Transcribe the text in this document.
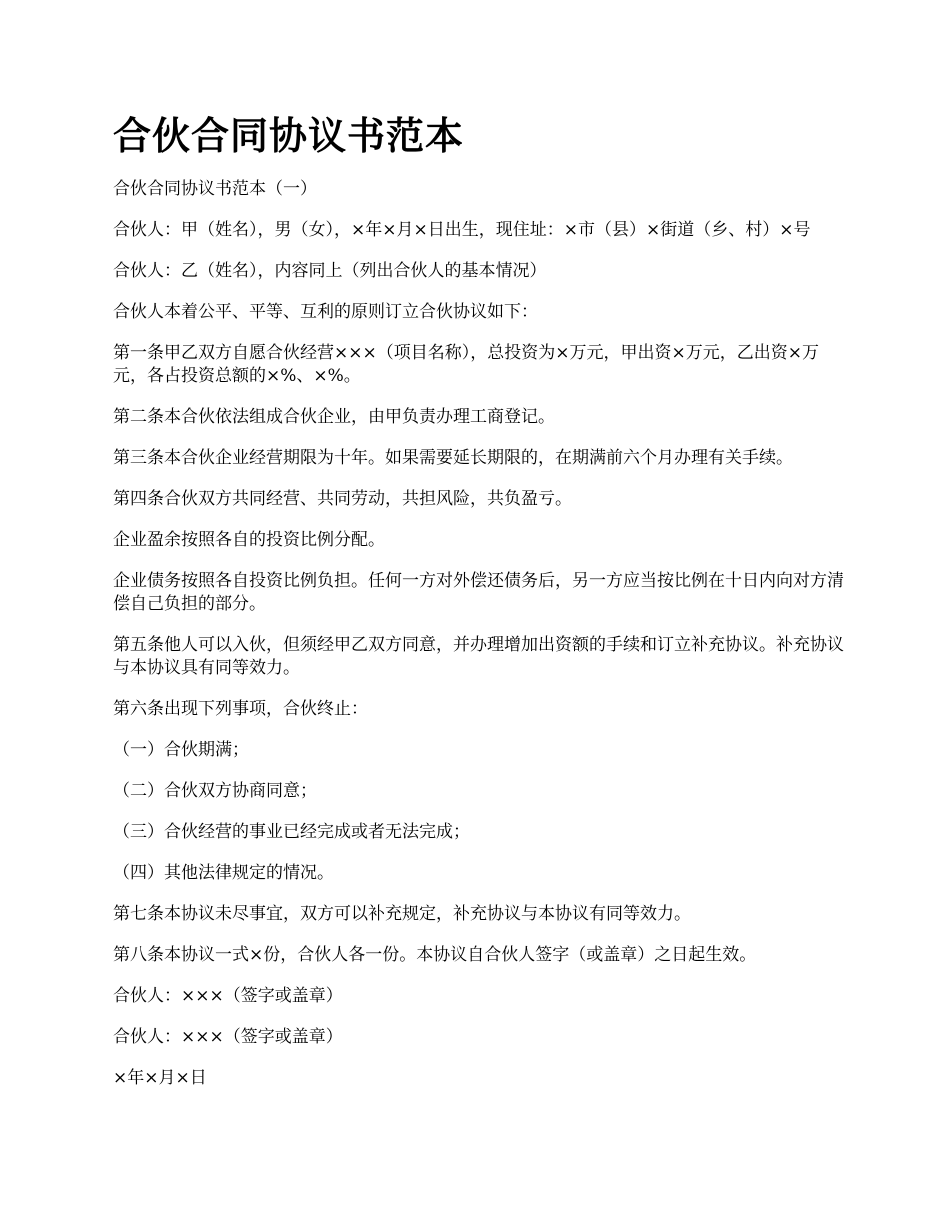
合伙合同协议书范本

合伙合同协议书范本（一）

合伙人：甲（姓名），男（女），×年×月×日出生，现住址：×市（县）×街道（乡、村）×号

合伙人：乙（姓名），内容同上（列出合伙人的基本情况）

合伙人本着公平、平等、互利的原则订立合伙协议如下：

第一条甲乙双方自愿合伙经营×××（项目名称），总投资为×万元，甲出资×万元，乙出资×万元，各占投资总额的×%、×%。

第二条本合伙依法组成合伙企业，由甲负责办理工商登记。

第三条本合伙企业经营期限为十年。如果需要延长期限的，在期满前六个月办理有关手续。

第四条合伙双方共同经营、共同劳动，共担风险，共负盈亏。

企业盈余按照各自的投资比例分配。

企业债务按照各自投资比例负担。任何一方对外偿还债务后，另一方应当按比例在十日内向对方清偿自己负担的部分。

第五条他人可以入伙，但须经甲乙双方同意，并办理增加出资额的手续和订立补充协议。补充协议与本协议具有同等效力。

第六条出现下列事项，合伙终止：

（一）合伙期满；

（二）合伙双方协商同意；

（三）合伙经营的事业已经完成或者无法完成；

（四）其他法律规定的情况。

第七条本协议未尽事宜，双方可以补充规定，补充协议与本协议有同等效力。

第八条本协议一式×份，合伙人各一份。本协议自合伙人签字（或盖章）之日起生效。

合伙人：×××（签字或盖章）

合伙人：×××（签字或盖章）

×年×月×日
